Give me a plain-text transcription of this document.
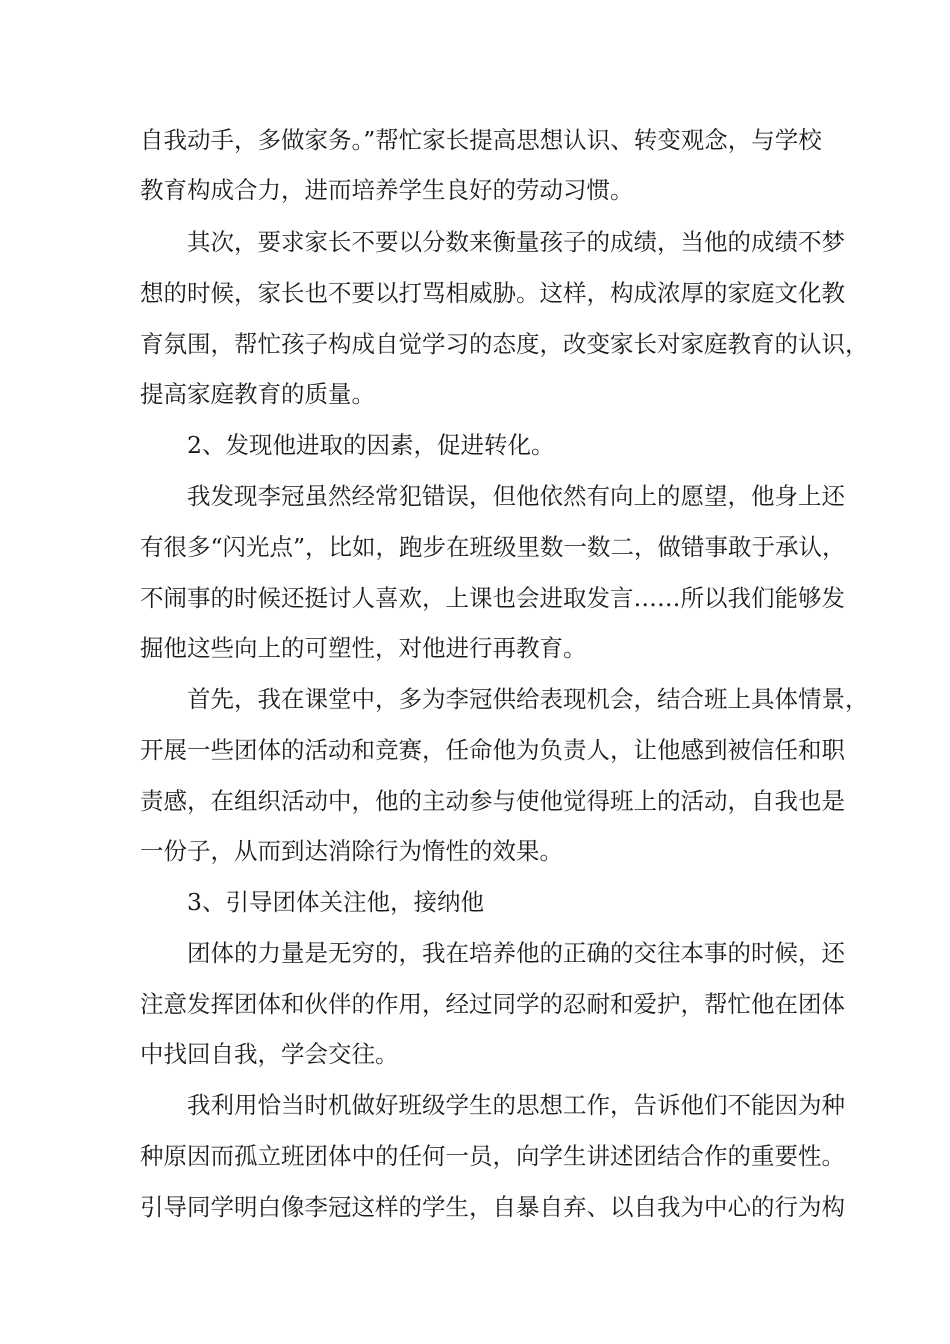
自我动手，多做家务。”帮忙家长提高思想认识、转变观念，与学校
教育构成合力，进而培养学生良好的劳动习惯。
其次，要求家长不要以分数来衡量孩子的成绩，当他的成绩不梦
想的时候，家长也不要以打骂相威胁。这样，构成浓厚的家庭文化教
育氛围，帮忙孩子构成自觉学习的态度，改变家长对家庭教育的认识，
提高家庭教育的质量。
2、发现他进取的因素，促进转化。
我发现李冠虽然经常犯错误，但他依然有向上的愿望，他身上还
有很多“闪光点”，比如，跑步在班级里数一数二，做错事敢于承认，
不闹事的时候还挺讨人喜欢，上课也会进取发言……所以我们能够发
掘他这些向上的可塑性，对他进行再教育。
首先，我在课堂中，多为李冠供给表现机会，结合班上具体情景，
开展一些团体的活动和竞赛，任命他为负责人，让他感到被信任和职
责感，在组织活动中，他的主动参与使他觉得班上的活动，自我也是
一份子，从而到达消除行为惰性的效果。
3、引导团体关注他，接纳他
团体的力量是无穷的，我在培养他的正确的交往本事的时候，还
注意发挥团体和伙伴的作用，经过同学的忍耐和爱护，帮忙他在团体
中找回自我，学会交往。
我利用恰当时机做好班级学生的思想工作，告诉他们不能因为种
种原因而孤立班团体中的任何一员，向学生讲述团结合作的重要性。
引导同学明白像李冠这样的学生，自暴自弃、以自我为中心的行为构
